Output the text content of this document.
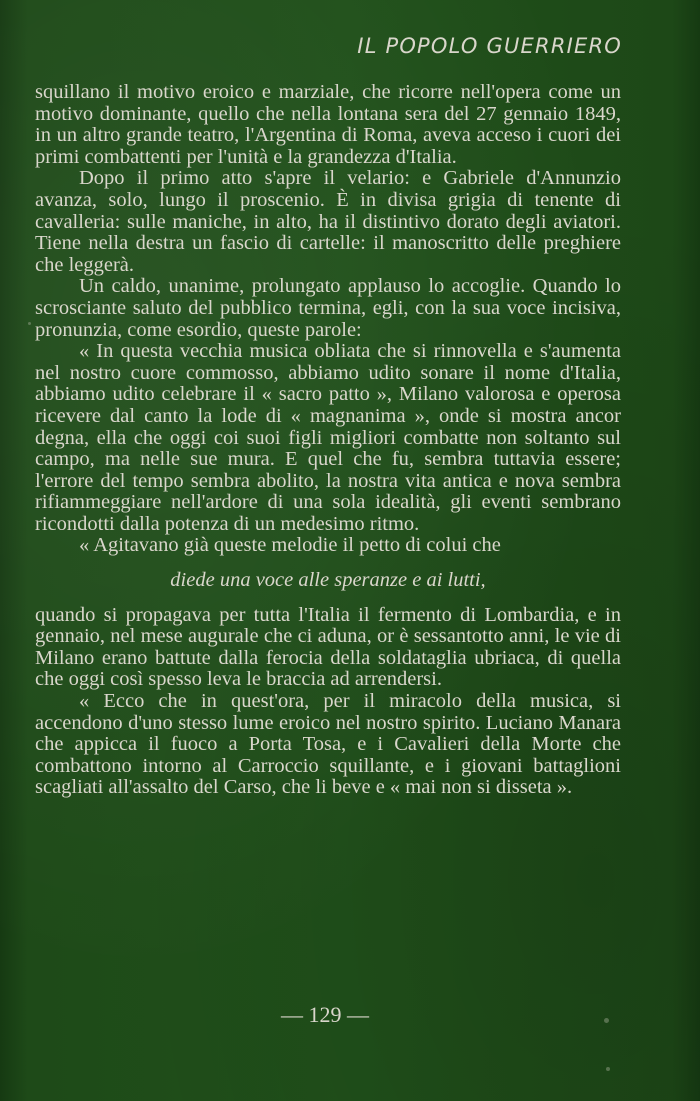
IL POPOLO GUERRIERO

squillano il motivo eroico e marziale, che ricorre nell'opera come un motivo dominante, quello che nella lontana sera del 27 gennaio 1849, in un altro grande teatro, l'Argentina di Roma, aveva acceso i cuori dei primi combattenti per l'unità e la grandezza d'Italia.

Dopo il primo atto s'apre il velario: e Gabriele d'Annunzio avanza, solo, lungo il proscenio. È in divisa grigia di tenente di cavalleria: sulle maniche, in alto, ha il distintivo dorato degli aviatori. Tiene nella destra un fascio di cartelle: il manoscritto delle preghiere che leggerà.

Un caldo, unanime, prolungato applauso lo accoglie. Quando lo scrosciante saluto del pubblico termina, egli, con la sua voce incisiva, pronunzia, come esordio, queste parole:

« In questa vecchia musica obliata che si rinnovella e s'aumenta nel nostro cuore commosso, abbiamo udito sonare il nome d'Italia, abbiamo udito celebrare il « sacro patto », Milano valorosa e operosa ricevere dal canto la lode di « magnanima », onde si mostra ancor degna, ella che oggi coi suoi figli migliori combatte non soltanto sul campo, ma nelle sue mura. E quel che fu, sembra tuttavia essere; l'errore del tempo sembra abolito, la nostra vita antica e nova sembra rifiammeggiare nell'ardore di una sola idealità, gli eventi sembrano ricondotti dalla potenza di un medesimo ritmo.

« Agitavano già queste melodie il petto di colui che

diede una voce alle speranze e ai lutti,

quando si propagava per tutta l'Italia il fermento di Lombardia, e in gennaio, nel mese augurale che ci aduna, or è sessantotto anni, le vie di Milano erano battute dalla ferocia della soldataglia ubriaca, di quella che oggi così spesso leva le braccia ad arrendersi.

« Ecco che in quest'ora, per il miracolo della musica, si accendono d'uno stesso lume eroico nel nostro spirito. Luciano Manara che appicca il fuoco a Porta Tosa, e i Cavalieri della Morte che combattono intorno al Carroccio squillante, e i giovani battaglioni scagliati all'assalto del Carso, che li beve e « mai non si disseta ».

— 129 —
